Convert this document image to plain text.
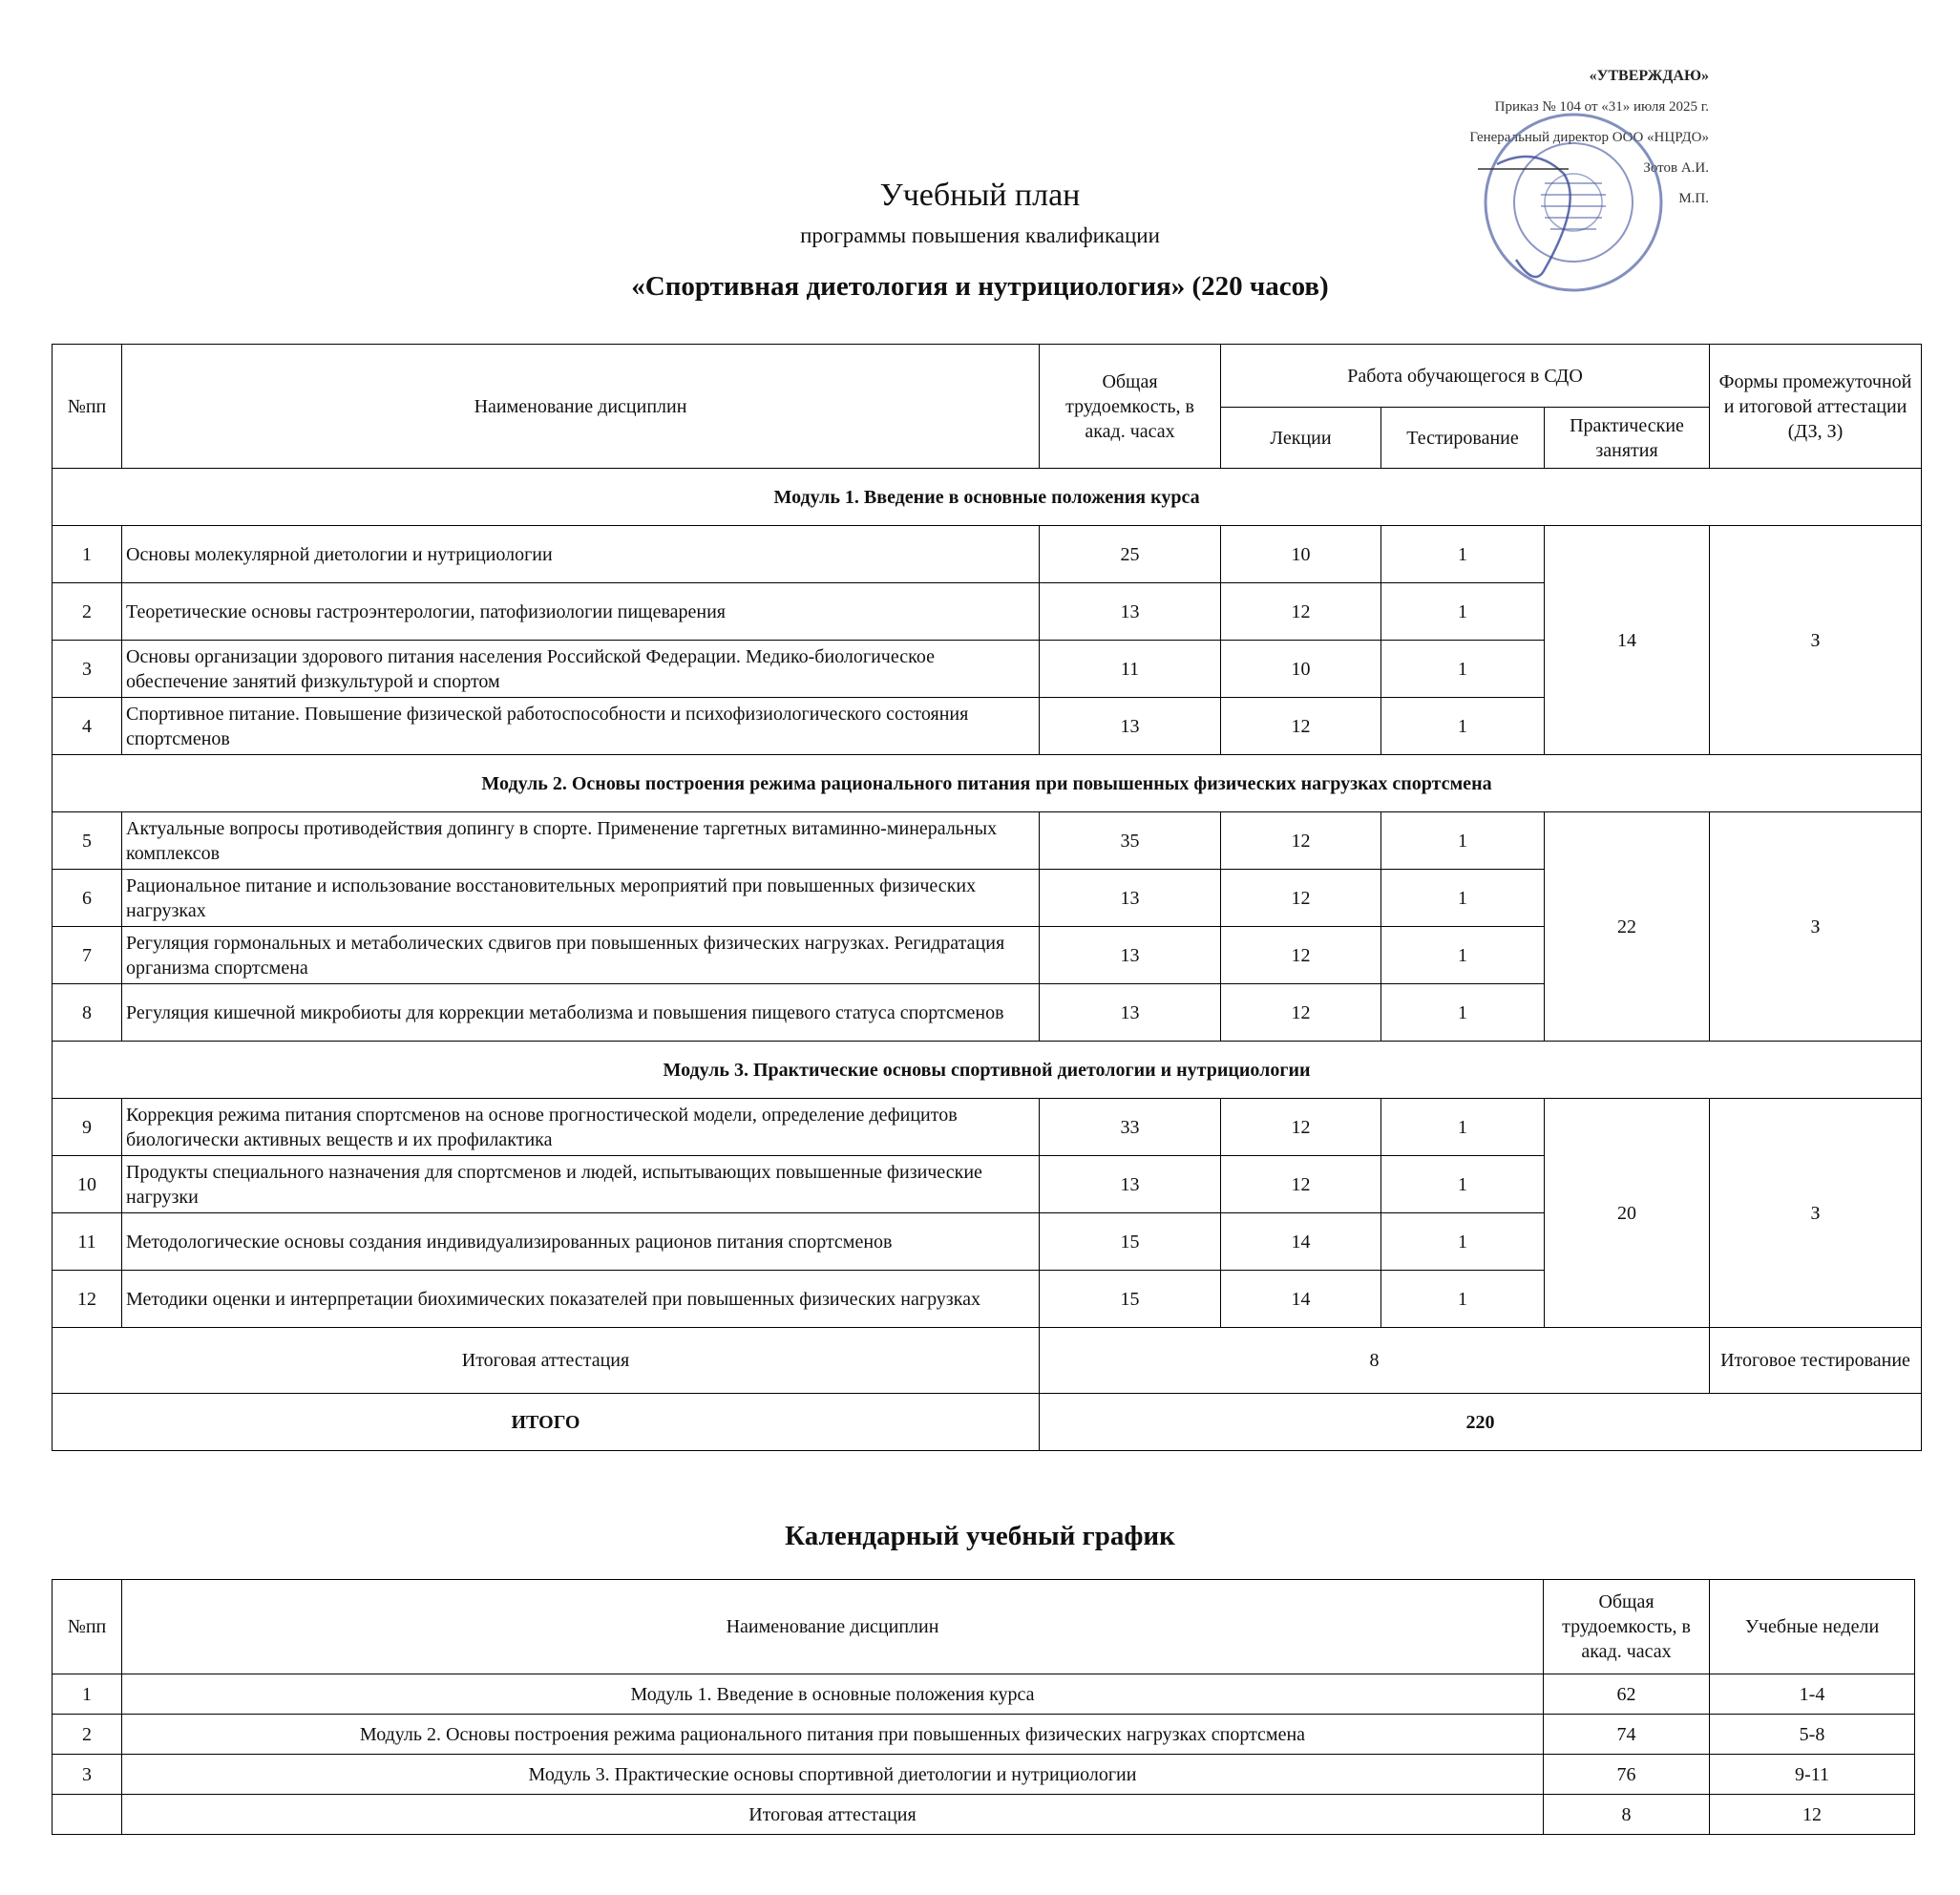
«УТВЕРЖДАЮ»
Приказ № 104 от «31» июля 2025 г.
Генеральный директор ООО «НЦРДО»
Зотов А.И.
М.П.
Учебный план
программы повышения квалификации
«Спортивная диетология и нутрициология» (220 часов)
№пп	Наименование дисциплин	Общая трудоемкость, в акад. часах	Работа обучающегося в СДО			Формы промежуточной и итоговой аттестации (ДЗ, З)
			Лекции	Тестирование	Практические занятия	
Модуль 1. Введение в основные положения курса						
1	Основы молекулярной диетологии и нутрициологии	25	10	1	14	З
2	Теоретические основы гастроэнтерологии, патофизиологии пищеварения	13	12	1		
3	Основы организации здорового питания населения Российской Федерации. Медико-биологическое обеспечение занятий физкультурой и спортом	11	10	1		
4	Спортивное питание. Повышение физической работоспособности и психофизиологического состояния спортсменов	13	12	1		
Модуль 2. Основы построения режима рационального питания при повышенных физических нагрузках спортсмена						
5	Актуальные вопросы противодействия допингу в спорте. Применение таргетных витаминно-минеральных комплексов	35	12	1	22	З
6	Рациональное питание и использование восстановительных мероприятий при повышенных физических нагрузках	13	12	1		
7	Регуляция гормональных и метаболических сдвигов при повышенных физических нагрузках. Регидратация организма спортсмена	13	12	1		
8	Регуляция кишечной микробиоты для коррекции метаболизма и повышения пищевого статуса спортсменов	13	12	1		
Модуль 3. Практические основы спортивной диетологии и нутрициологии						
9	Коррекция режима питания спортсменов на основе прогностической модели, определение дефицитов биологически активных веществ и их профилактика	33	12	1	20	З
10	Продукты специального назначения для спортсменов и людей, испытывающих повышенные физические нагрузки	13	12	1		
11	Методологические основы создания индивидуализированных рационов питания спортсменов	15	14	1		
12	Методики оценки и интерпретации биохимических показателей при повышенных физических нагрузках	15	14	1		
Итоговая аттестация		8				Итоговое тестирование
ИТОГО		220				
Календарный учебный график
№пп	Наименование дисциплин	Общая трудоемкость, в акад. часах	Учебные недели
1	Модуль 1. Введение в основные положения курса	62	1-4
2	Модуль 2. Основы построения режима рационального питания при повышенных физических нагрузках спортсмена	74	5-8
3	Модуль 3. Практические основы спортивной диетологии и нутрициологии	76	9-11
	Итоговая аттестация	8	12
